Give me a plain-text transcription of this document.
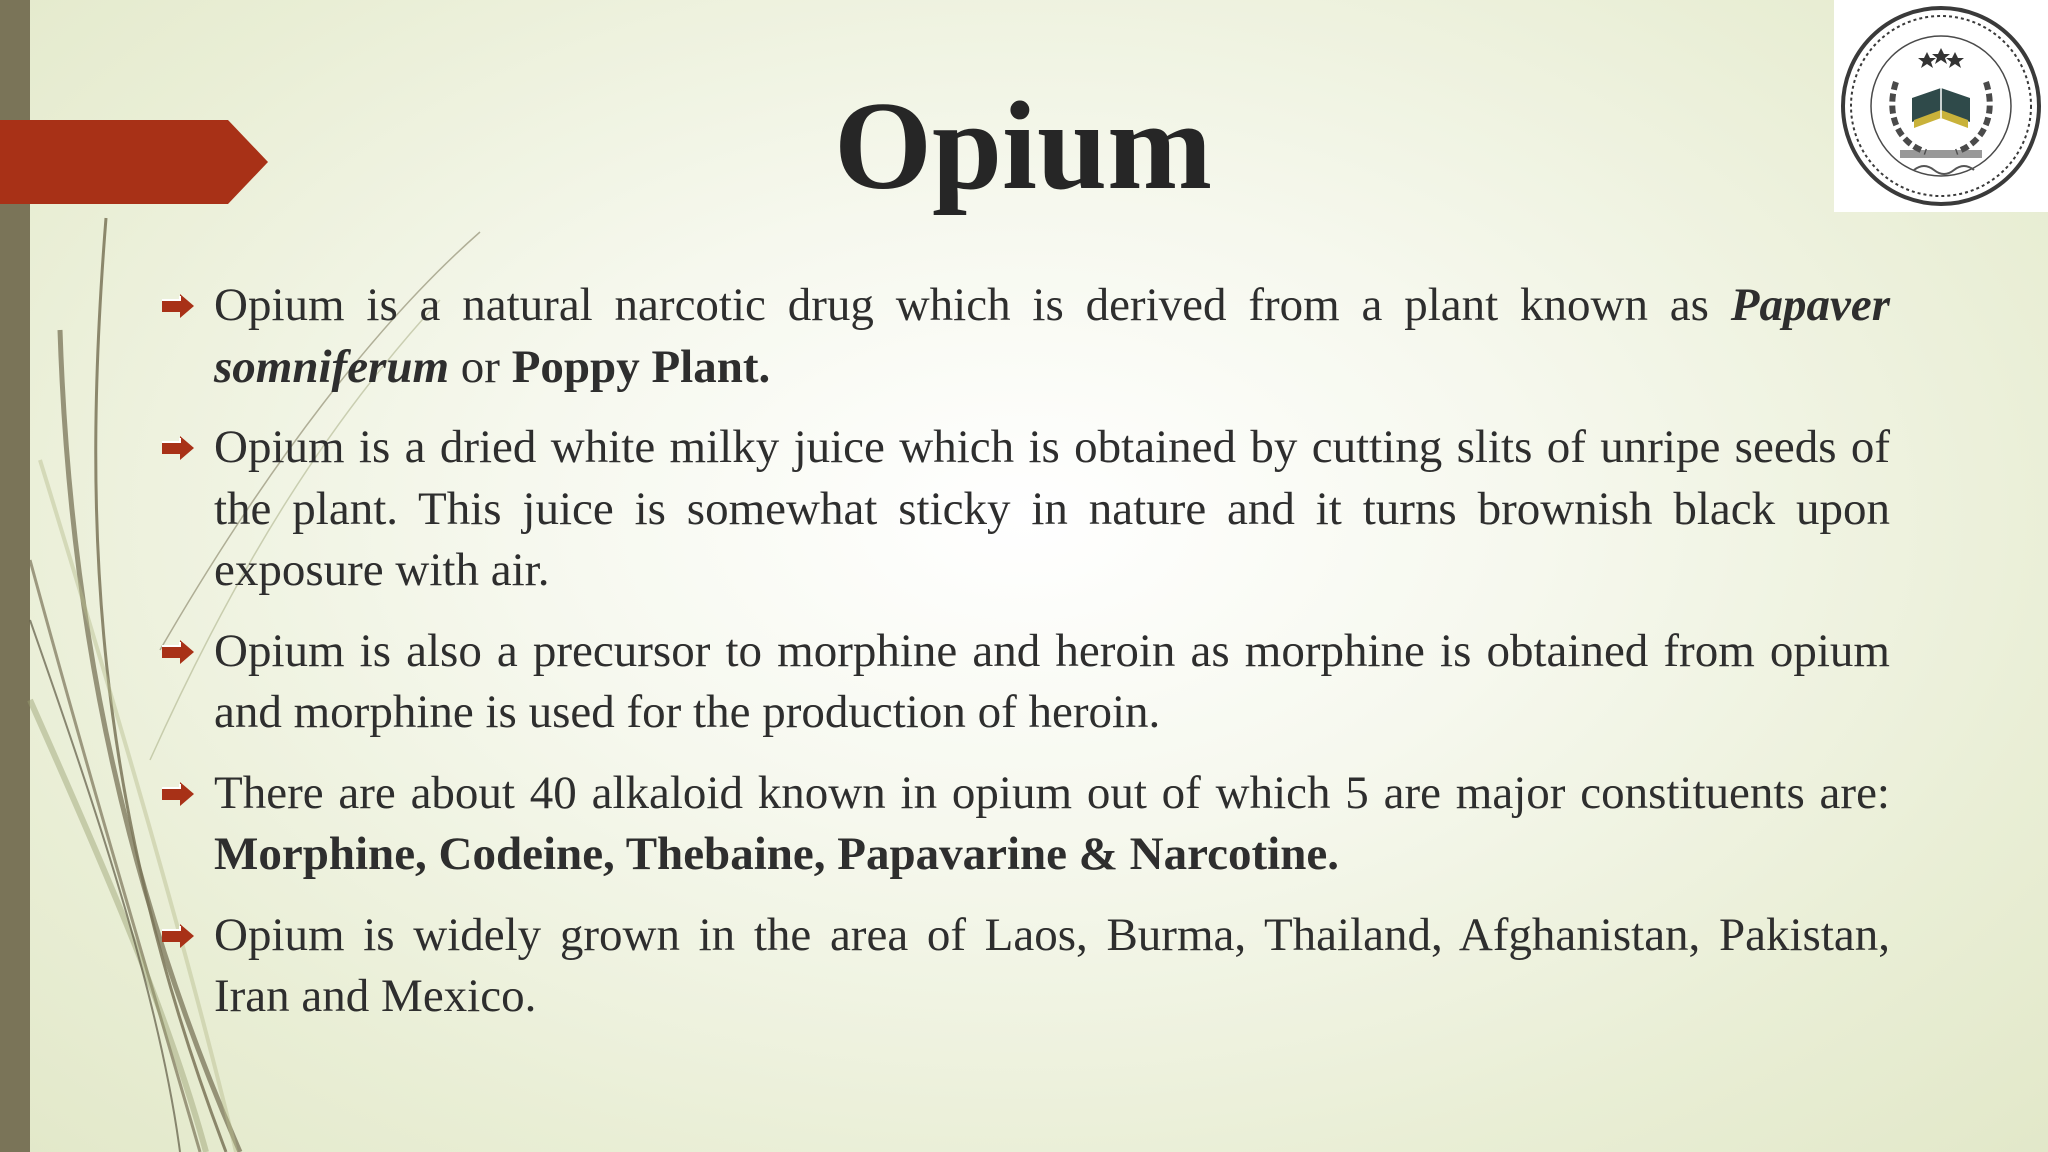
Opium
Opium is a natural narcotic drug which is derived from a plant known as Papaver somniferum or Poppy Plant.
Opium is a dried white milky juice which is obtained by cutting slits of unripe seeds of the plant. This juice is somewhat sticky in nature and it turns brownish black upon exposure with air.
Opium is also a precursor to morphine and heroin as morphine is obtained from opium and morphine is used for the production of heroin.
There are about 40 alkaloid known in opium out of which 5 are major constituents are: Morphine, Codeine, Thebaine, Papavarine & Narcotine.
Opium is widely grown in the area of Laos, Burma, Thailand, Afghanistan, Pakistan, Iran and Mexico.
